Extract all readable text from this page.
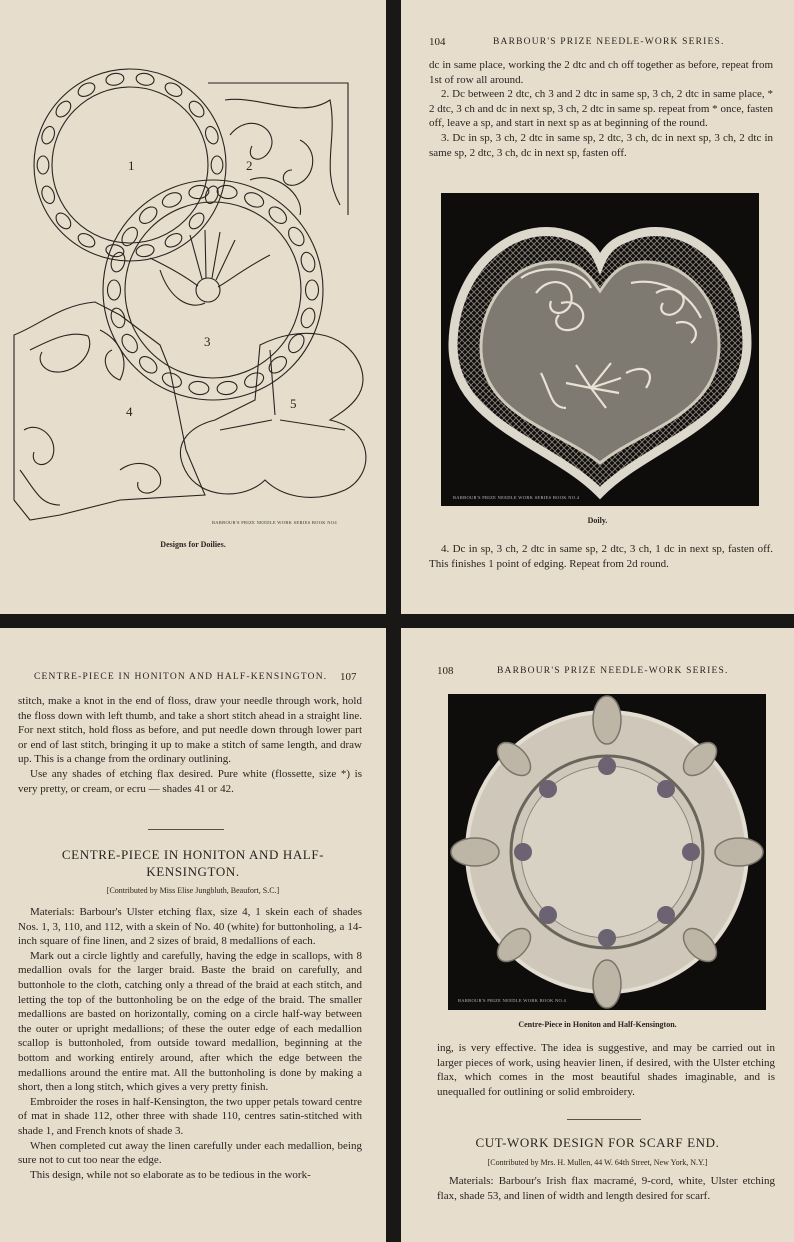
1	2
3
4
5
BARBOUR'S PRIZE NEEDLE WORK SERIES BOOK NO4
Designs for Doilies.
104	BARBOUR'S PRIZE NEEDLE-WORK SERIES.

dc in same place, working the 2 dtc and ch off together as before, repeat from 1st of row all around.

2. Dc between 2 dtc, ch 3 and 2 dtc in same sp, 3 ch, 2 dtc in same place, * 2 dtc, 3 ch and dc in next sp, 3 ch, 2 dtc in same sp. repeat from * once, fasten off, leave a sp, and start in next sp as at beginning of the round.

3. Dc in sp, 3 ch, 2 dtc in same sp, 2 dtc, 3 ch, dc in next sp, 3 ch, 2 dtc in same sp, 2 dtc, 3 ch, dc in next sp, fasten off.

BARBOUR'S PRIZE NEEDLE WORK SERIES BOOK NO.4
Doily.

4. Dc in sp, 3 ch, 2 dtc in same sp, 2 dtc, 3 ch, 1 dc in next sp, fasten off. This finishes 1 point of edging. Repeat from 2d round.

CENTRE-PIECE IN HONITON AND HALF-KENSINGTON. 107

stitch, make a knot in the end of floss, draw your needle through work, hold the floss down with left thumb, and take a short stitch ahead in a straight line. For next stitch, hold floss as before, and put needle down through lower part or end of last stitch, bringing it up to make a stitch of same length, and draw up. This is a change from the ordinary outlining.

Use any shades of etching flax desired. Pure white (flossette, size *) is very pretty, or cream, or ecru — shades 41 or 42.

CENTRE-PIECE IN HONITON AND HALF-
KENSINGTON.
[Contributed by Miss Elise Jungbluth, Beaufort, S.C.]

Materials: Barbour's Ulster etching flax, size 4, 1 skein each of shades Nos. 1, 3, 110, and 112, with a skein of No. 40 (white) for buttonholing, a 14-inch square of fine linen, and 2 sizes of braid, 8 medallions of each.

Mark out a circle lightly and carefully, having the edge in scallops, with 8 medallion ovals for the larger braid. Baste the braid on carefully, and buttonhole to the cloth, catching only a thread of the braid at each stitch, and letting the top of the buttonholing be on the edge of the braid. The smaller medallions are basted on horizontally, coming on a circle half-way between the outer or upright medallions; of these the outer edge of each medallion scallop is buttonholed, from outside toward medallion, beginning at the bottom and working entirely around, after which the edge between the medallions around the entire mat. All the buttonholing is done by making a short, then a long stitch, which gives a very pretty finish.

Embroider the roses in half-Kensington, the two upper petals toward centre of mat in shade 112, other three with shade 110, centres satin-stitched with shade 1, and French knots of shade 3.

When completed cut away the linen carefully under each medallion, being sure not to cut too near the edge.

This design, while not so elaborate as to be tedious in the work-

108	BARBOUR'S PRIZE NEEDLE-WORK SERIES.
BARBOUR'S PRIZE NEEDLE WORK BOOK NO.4
Centre-Piece in Honiton and Half-Kensington.

ing, is very effective. The idea is suggestive, and may be carried out in larger pieces of work, using heavier linen, if desired, with the Ulster etching flax, which comes in the most beautiful shades imaginable, and is unequalled for outlining or solid embroidery.

CUT-WORK DESIGN FOR SCARF END.
[Contributed by Mrs. H. Mullen, 44 W. 64th Street, New York, N.Y.]

Materials: Barbour's Irish flax macramé, 9-cord, white, Ulster etching flax, shade 53, and linen of width and length desired for scarf.
